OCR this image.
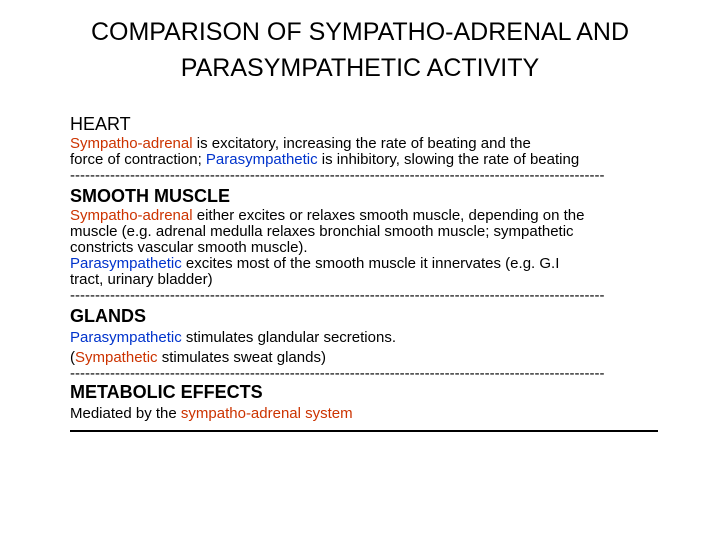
COMPARISON OF SYMPATHO-ADRENAL AND
PARASYMPATHETIC ACTIVITY
HEART
Sympatho-adrenal is excitatory, increasing the rate of beating and the
force of contraction; Parasympathetic is inhibitory, slowing the rate of beating
-----------------------------------------------------------------------------------------------------------
SMOOTH MUSCLE
Sympatho-adrenal either excites or relaxes smooth muscle, depending on the
muscle (e.g. adrenal medulla relaxes bronchial smooth muscle; sympathetic
constricts vascular smooth muscle).
Parasympathetic excites most of the smooth muscle it innervates (e.g. G.I
tract, urinary bladder)
-----------------------------------------------------------------------------------------------------------
GLANDS
Parasympathetic stimulates glandular secretions.
(Sympathetic stimulates sweat glands)
-----------------------------------------------------------------------------------------------------------
METABOLIC EFFECTS
Mediated by the sympatho-adrenal system
